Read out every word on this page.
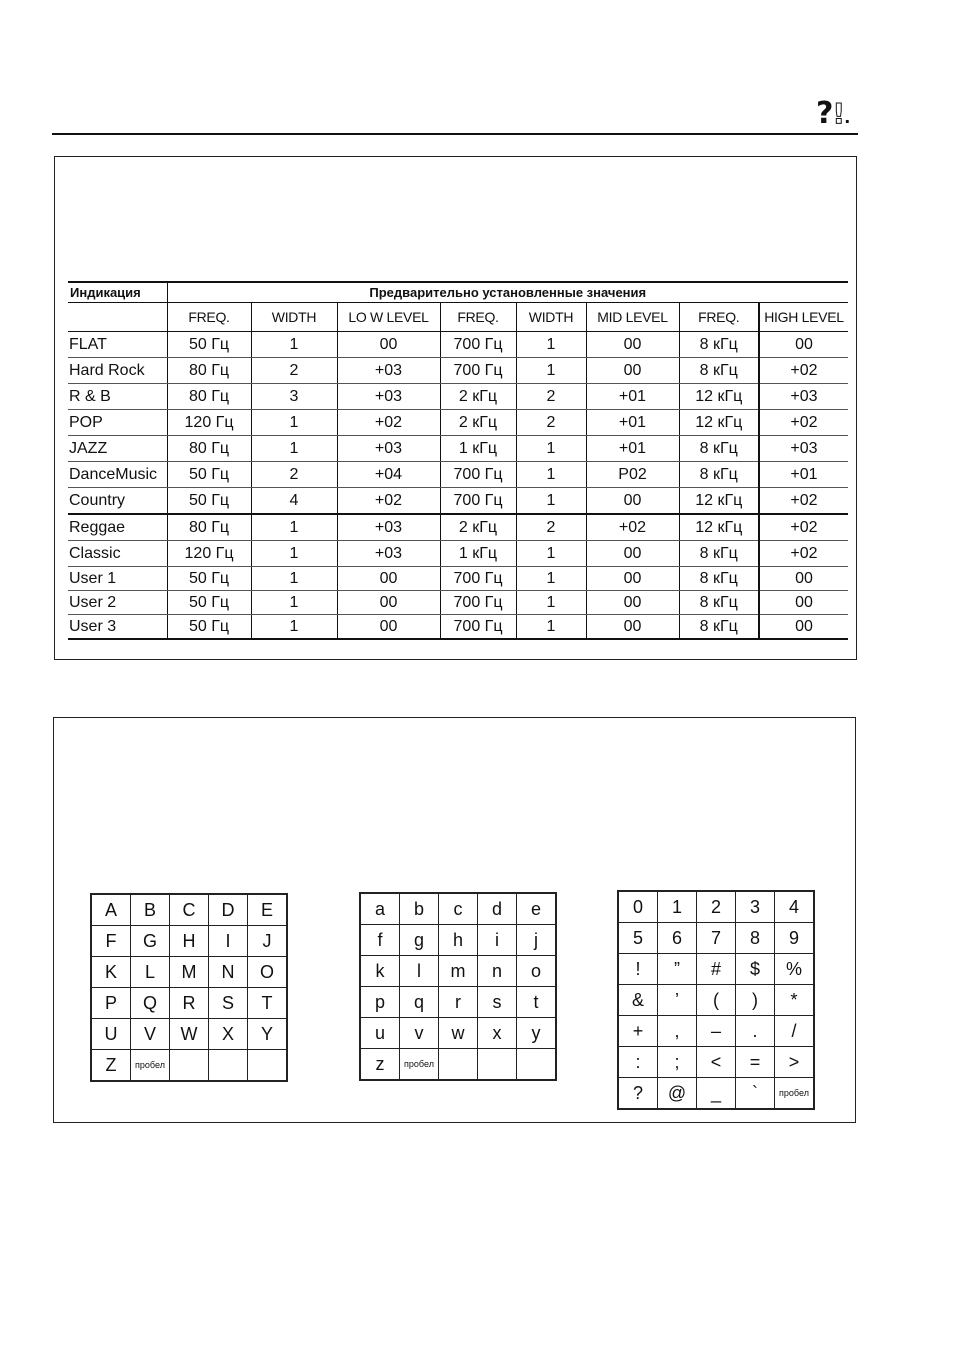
?!.
Индикация	Предварительно установленные значения							
	FREQ.	WIDTH	LO W LEVEL	FREQ.	WIDTH	MID LEVEL	FREQ.	HIGH LEVEL
FLAT	50 Гц	1	00	700 Гц	1	00	8 кГц	00
Hard Rock	80 Гц	2	+03	700 Гц	1	00	8 кГц	+02
R & B	80 Гц	3	+03	2 кГц	2	+01	12 кГц	+03
POP	120 Гц	1	+02	2 кГц	2	+01	12 кГц	+02
JAZZ	80 Гц	1	+03	1 кГц	1	+01	8 кГц	+03
DanceMusic	50 Гц	2	+04	700 Гц	1	P02	8 кГц	+01
Country	50 Гц	4	+02	700 Гц	1	00	12 кГц	+02
Reggae	80 Гц	1	+03	2 кГц	2	+02	12 кГц	+02
Classic	120 Гц	1	+03	1 кГц	1	00	8 кГц	+02
User 1	50 Гц	1	00	700 Гц	1	00	8 кГц	00
User 2	50 Гц	1	00	700 Гц	1	00	8 кГц	00
User 3	50 Гц	1	00	700 Гц	1	00	8 кГц	00
A	B	C	D	E
F	G	H	I	J
K	L	M	N	O
P	Q	R	S	T
U	V	W	X	Y
Z	пробел			
a	b	c	d	e
f	g	h	i	j
k	l	m	n	o
p	q	r	s	t
u	v	w	x	y
z	пробел			
0	1	2	3	4
5	6	7	8	9
!	”	#	$	%
&	’	(	)	*
+	,	–	.	/
:	;	<	=	>
?	@	_	`	пробел
